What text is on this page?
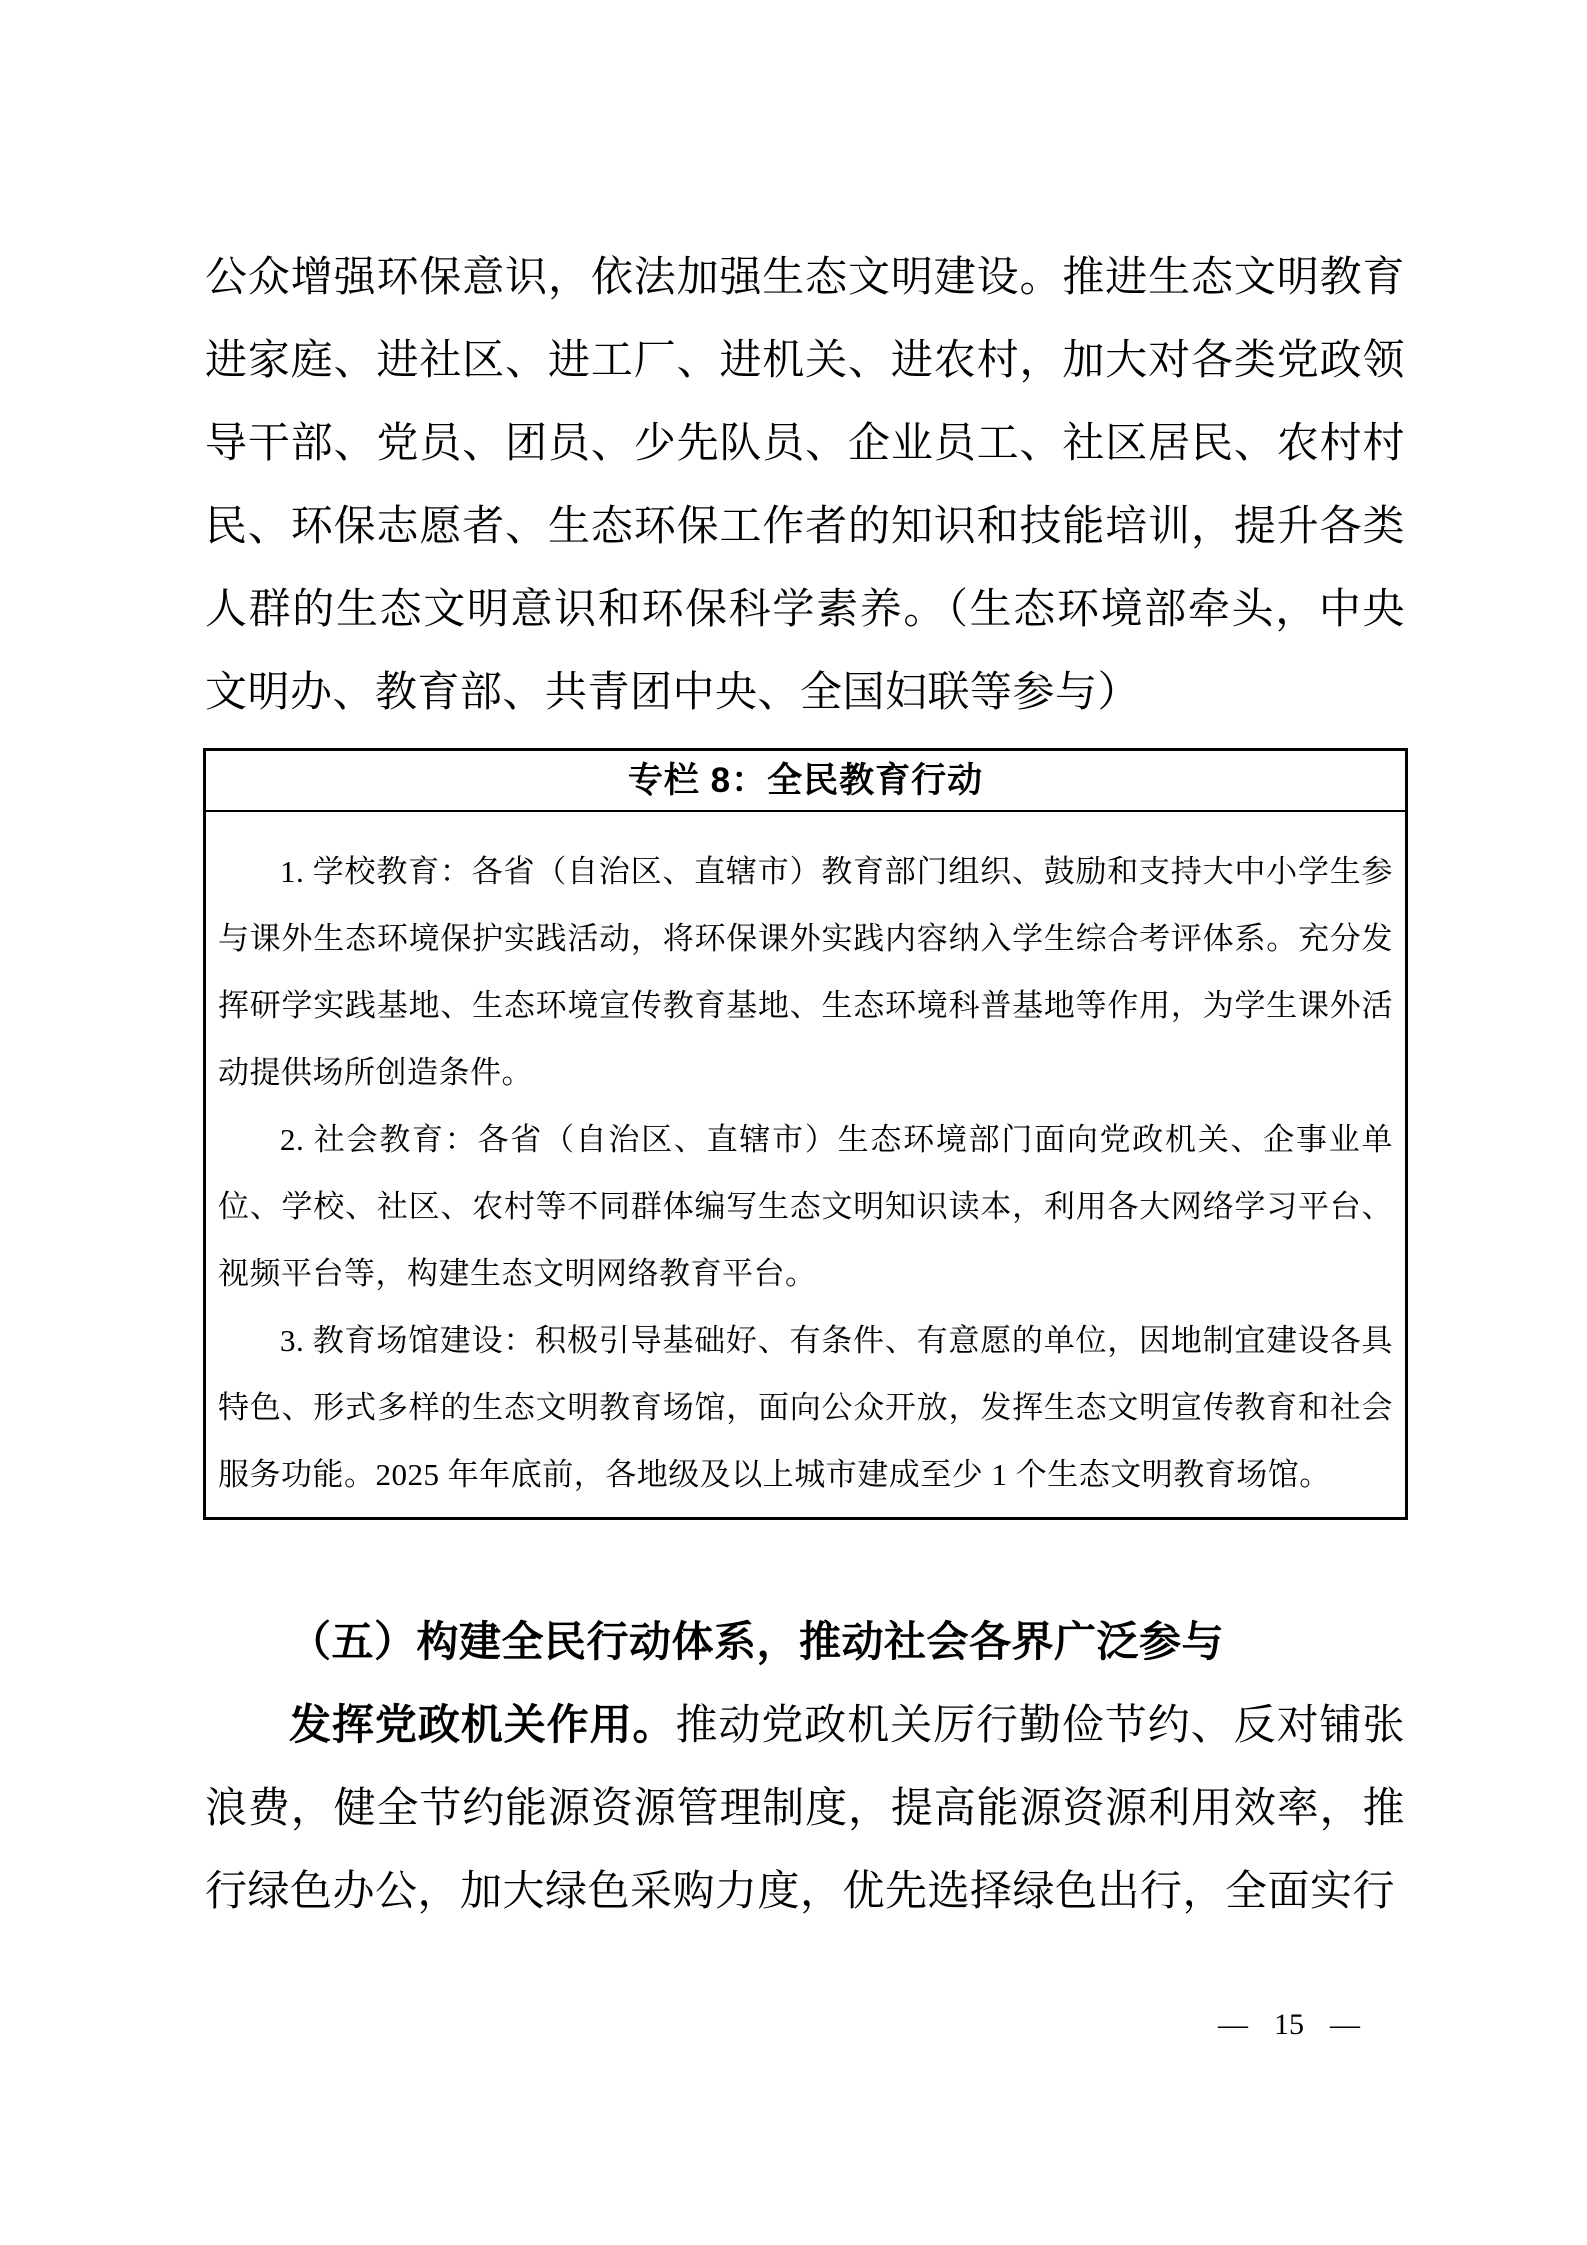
公众增强环保意识，依法加强生态文明建设。推进生态文明教育进家庭、进社区、进工厂、进机关、进农村，加大对各类党政领导干部、党员、团员、少先队员、企业员工、社区居民、农村村民、环保志愿者、生态环保工作者的知识和技能培训，提升各类人群的生态文明意识和环保科学素养。（生态环境部牵头，中央文明办、教育部、共青团中央、全国妇联等参与）

专栏 8：全民教育行动

1. 学校教育：各省（自治区、直辖市）教育部门组织、鼓励和支持大中小学生参与课外生态环境保护实践活动，将环保课外实践内容纳入学生综合考评体系。充分发挥研学实践基地、生态环境宣传教育基地、生态环境科普基地等作用，为学生课外活动提供场所创造条件。

2. 社会教育：各省（自治区、直辖市）生态环境部门面向党政机关、企事业单位、学校、社区、农村等不同群体编写生态文明知识读本，利用各大网络学习平台、视频平台等，构建生态文明网络教育平台。

3. 教育场馆建设：积极引导基础好、有条件、有意愿的单位，因地制宜建设各具特色、形式多样的生态文明教育场馆，面向公众开放，发挥生态文明宣传教育和社会服务功能。2025 年年底前，各地级及以上城市建成至少 1 个生态文明教育场馆。

（五）构建全民行动体系，推动社会各界广泛参与

发挥党政机关作用。推动党政机关厉行勤俭节约、反对铺张浪费，健全节约能源资源管理制度，提高能源资源利用效率，推行绿色办公，加大绿色采购力度，优先选择绿色出行，全面实行

— 15 —
